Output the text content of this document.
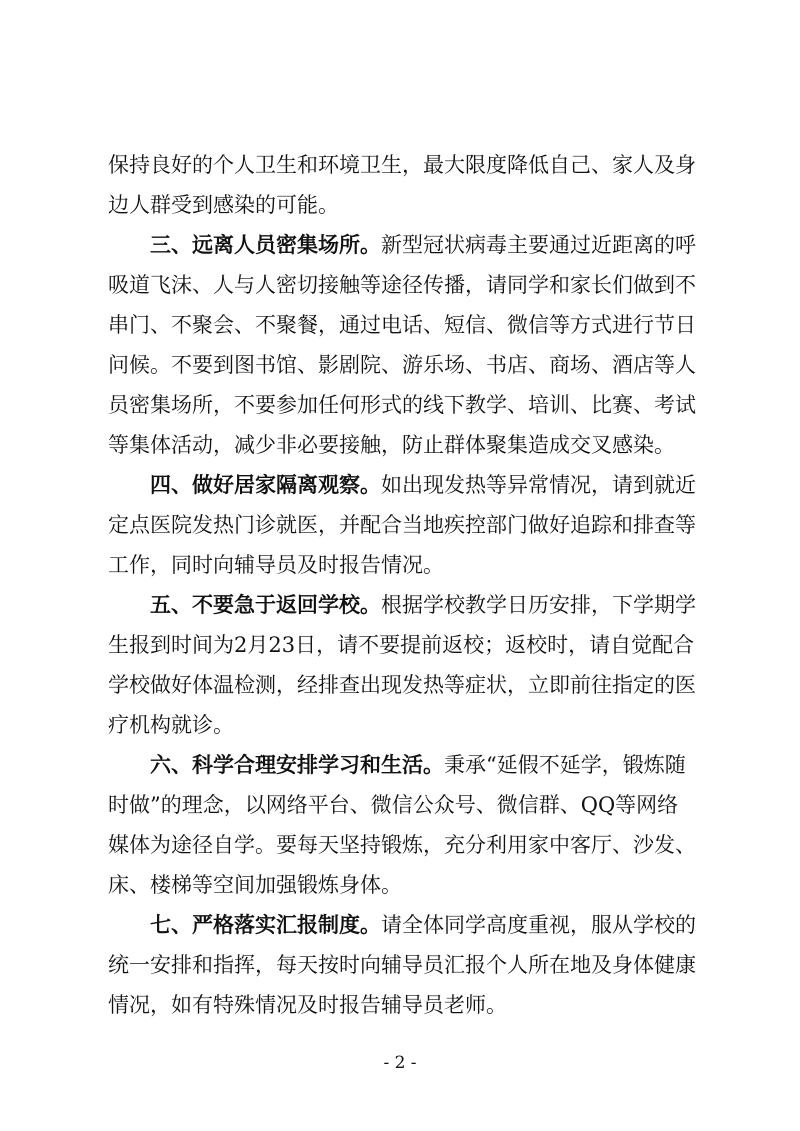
保持良好的个人卫生和环境卫生，最大限度降低自己、家人及身
边人群受到感染的可能。
三、远离人员密集场所。新型冠状病毒主要通过近距离的呼
吸道飞沫、人与人密切接触等途径传播，请同学和家长们做到不
串门、不聚会、不聚餐，通过电话、短信、微信等方式进行节日
问候。不要到图书馆、影剧院、游乐场、书店、商场、酒店等人
员密集场所，不要参加任何形式的线下教学、培训、比赛、考试
等集体活动，减少非必要接触，防止群体聚集造成交叉感染。
四、做好居家隔离观察。如出现发热等异常情况，请到就近
定点医院发热门诊就医，并配合当地疾控部门做好追踪和排查等
工作，同时向辅导员及时报告情况。
五、不要急于返回学校。根据学校教学日历安排，下学期学
生报到时间为2月23日，请不要提前返校；返校时，请自觉配合
学校做好体温检测，经排查出现发热等症状，立即前往指定的医
疗机构就诊。
六、科学合理安排学习和生活。秉承“延假不延学，锻炼随
时做”的理念，以网络平台、微信公众号、微信群、QQ等网络
媒体为途径自学。要每天坚持锻炼，充分利用家中客厅、沙发、
床、楼梯等空间加强锻炼身体。
七、严格落实汇报制度。请全体同学高度重视，服从学校的
统一安排和指挥，每天按时向辅导员汇报个人所在地及身体健康
情况，如有特殊情况及时报告辅导员老师。
- 2 -
